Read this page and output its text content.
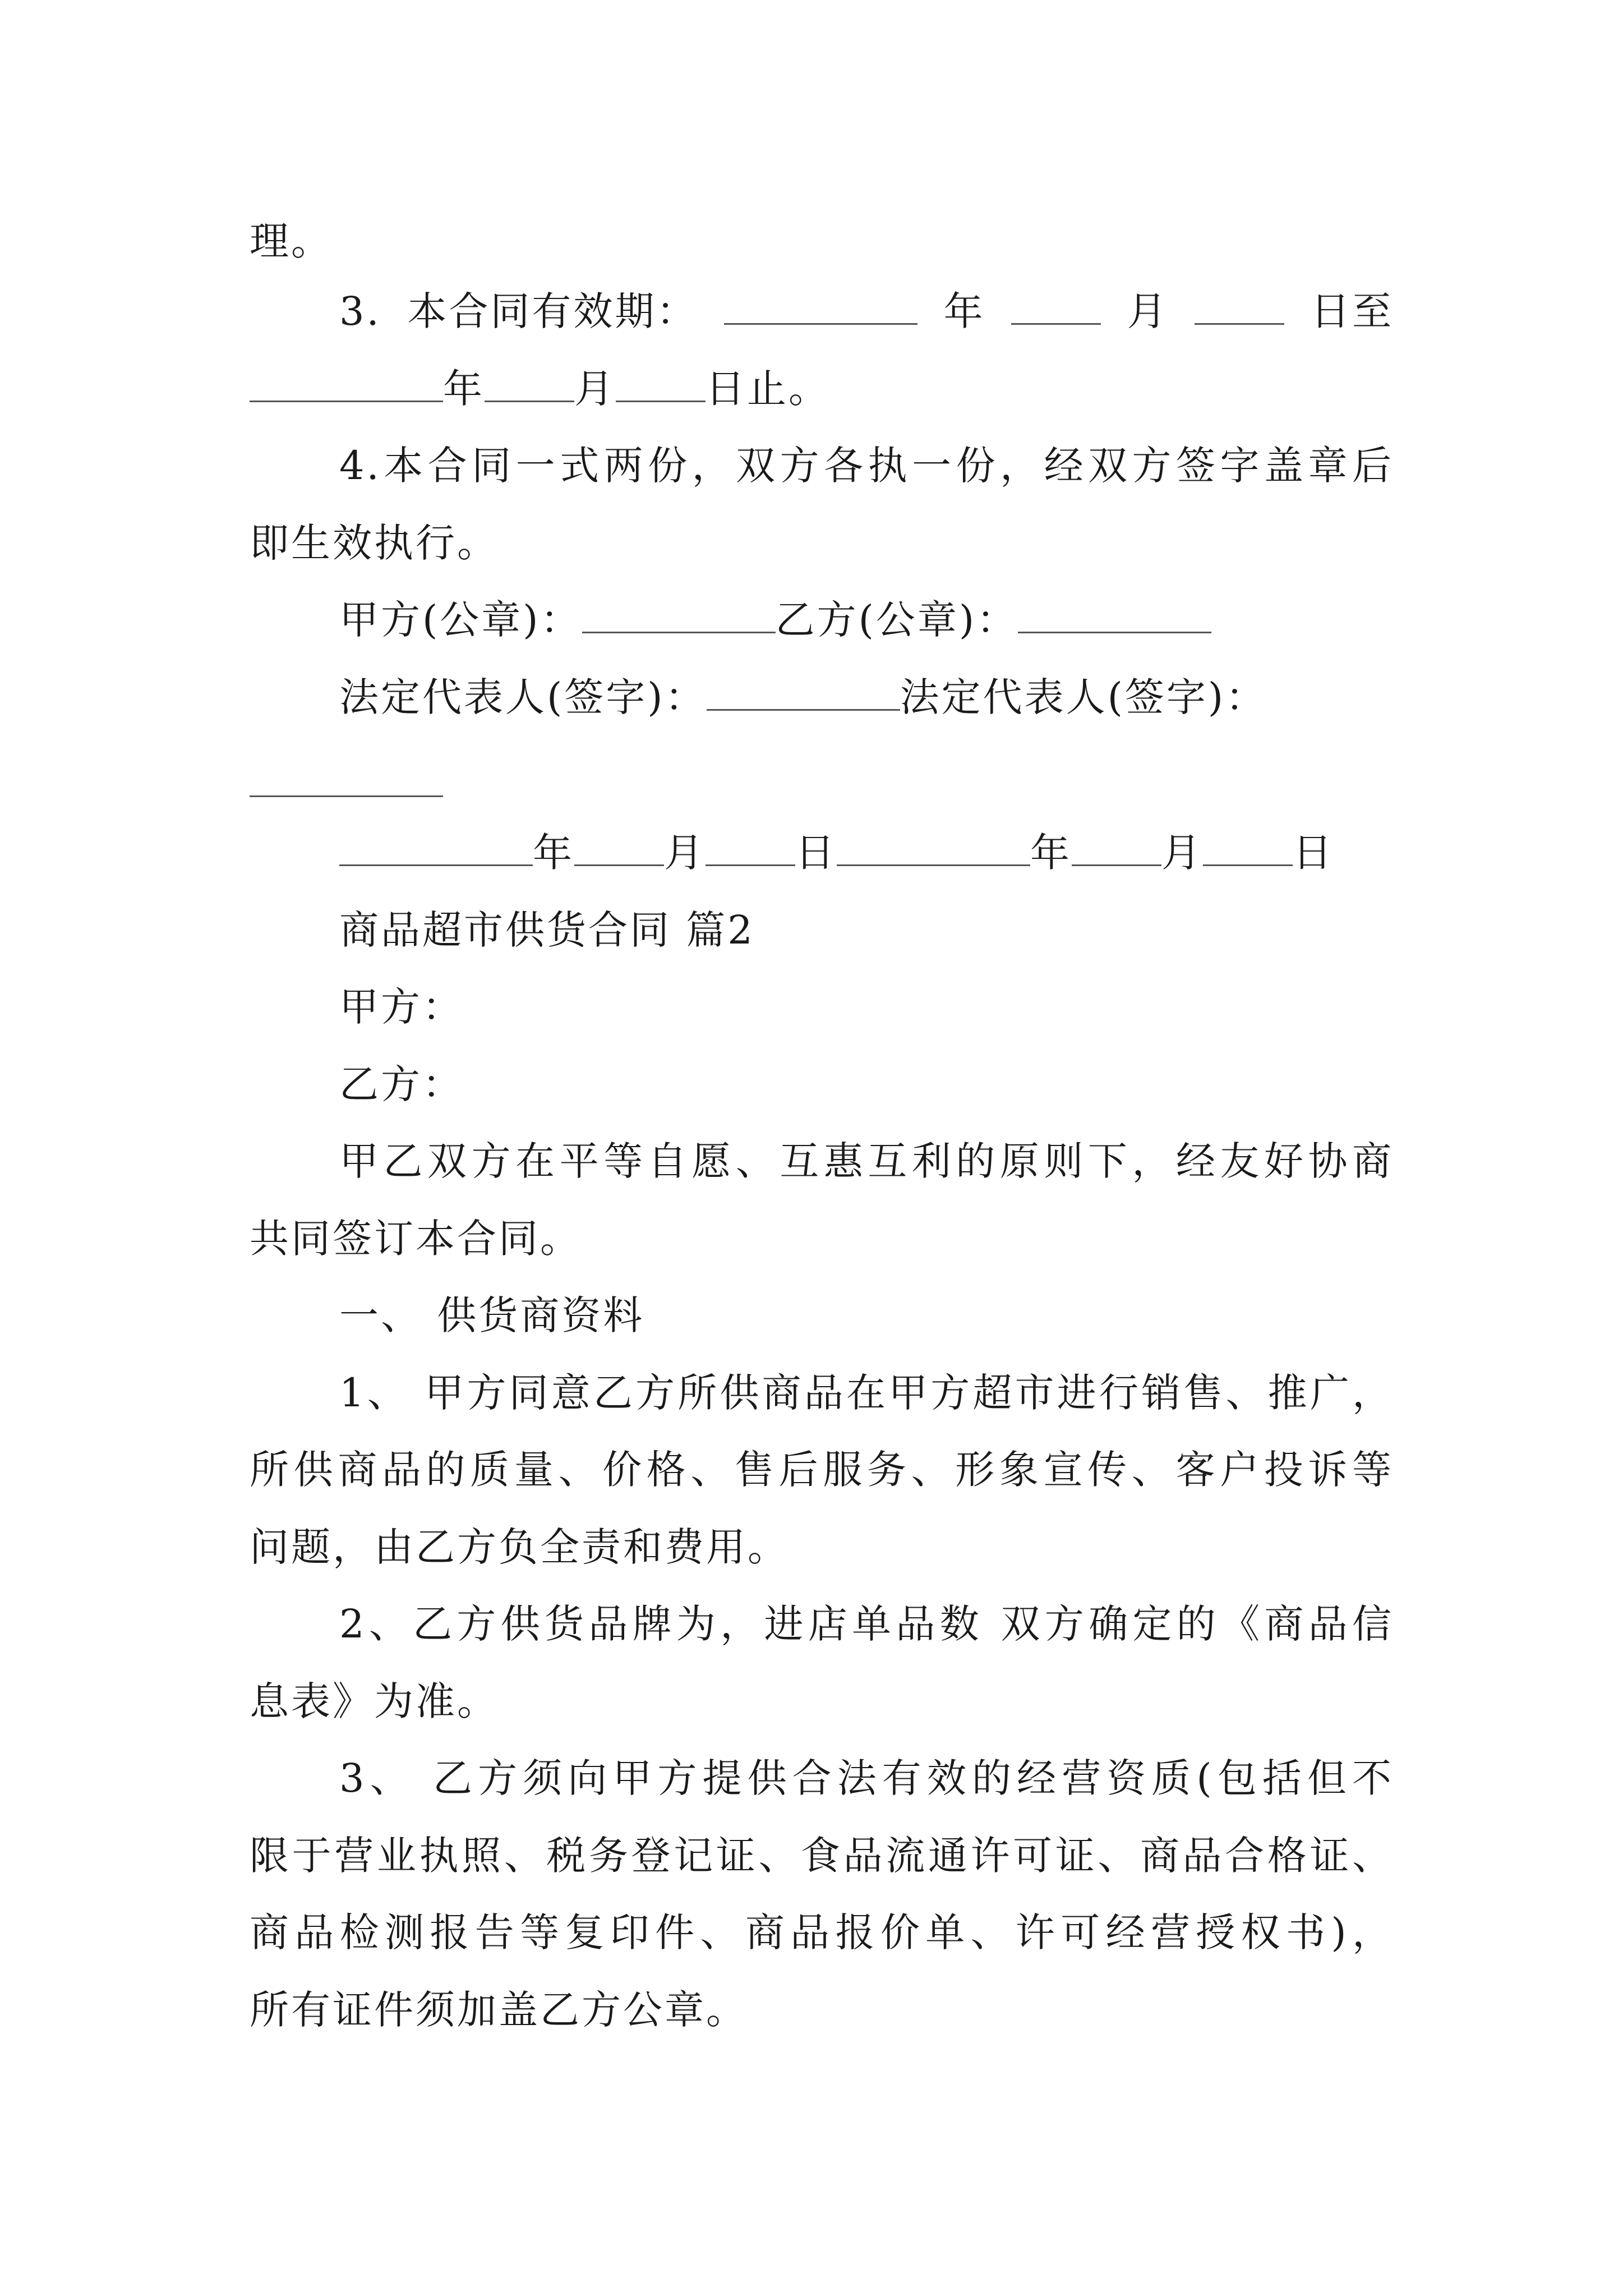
理。
3. 本合同有效期：	年	月	日至
年 月 日止。
4.本合同一式两份，双方各执一份，经双方签字盖章后
即生效执行。
甲方(公章)：	乙方(公章)：
法定代表人(签字)：	法定代表人(签字)：
年 月 日	年 月 日
商品超市供货合同 篇2
甲方：
乙方：
甲乙双方在平等自愿、互惠互利的原则下，经友好协商
共同签订本合同。
一、 供货商资料
1、 甲方同意乙方所供商品在甲方超市进行销售、推广，
所供商品的质量、价格、售后服务、形象宣传、客户投诉等
问题，由乙方负全责和费用。
2、乙方供货品牌为，进店单品数 双方确定的《商品信
息表》为准。
3、 乙方须向甲方提供合法有效的经营资质(包括但不
限于营业执照、税务登记证、食品流通许可证、商品合格证、
商品检测报告等复印件、商品报价单、许可经营授权书)，
所有证件须加盖乙方公章。
